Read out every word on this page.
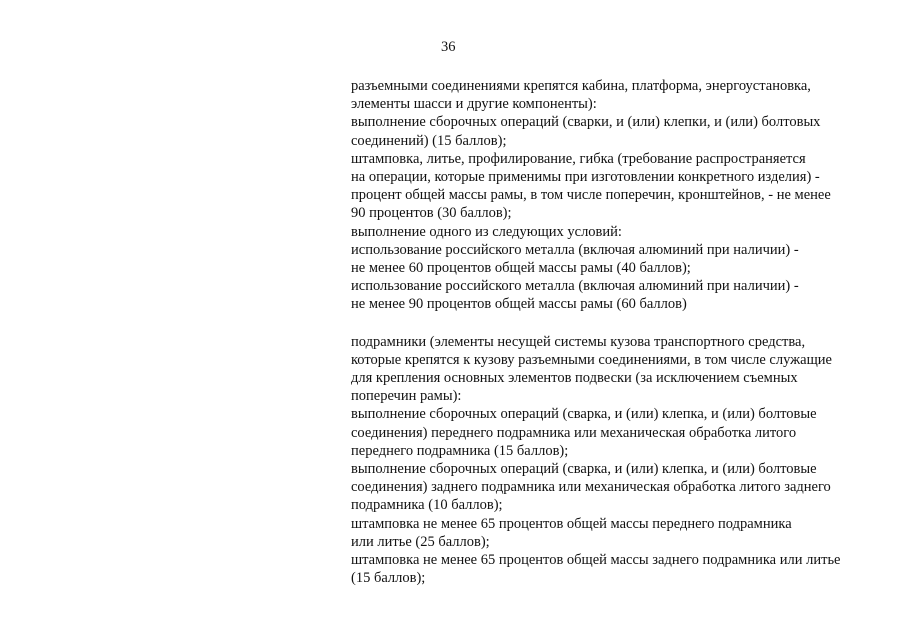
36
разъемными соединениями крепятся кабина, платформа, энергоустановка,
элементы шасси и другие компоненты):
выполнение сборочных операций (сварки, и (или) клепки, и (или) болтовых
соединений) (15 баллов);
штамповка, литье, профилирование, гибка (требование распространяется
на операции, которые применимы при изготовлении конкретного изделия) -
процент общей массы рамы, в том числе поперечин, кронштейнов, - не менее
90 процентов (30 баллов);
выполнение одного из следующих условий:
использование российского металла (включая алюминий при наличии) -
не менее 60 процентов общей массы рамы (40 баллов);
использование российского металла (включая алюминий при наличии) -
не менее 90 процентов общей массы рамы (60 баллов)
подрамники (элементы несущей системы кузова транспортного средства,
которые крепятся к кузову разъемными соединениями, в том числе служащие
для крепления основных элементов подвески (за исключением съемных
поперечин рамы):
выполнение сборочных операций (сварка, и (или) клепка, и (или) болтовые
соединения) переднего подрамника или механическая обработка литого
переднего подрамника (15 баллов);
выполнение сборочных операций (сварка, и (или) клепка, и (или) болтовые
соединения) заднего подрамника или механическая обработка литого заднего
подрамника (10 баллов);
штамповка не менее 65 процентов общей массы переднего подрамника
или литье (25 баллов);
штамповка не менее 65 процентов общей массы заднего подрамника или литье
(15 баллов);
